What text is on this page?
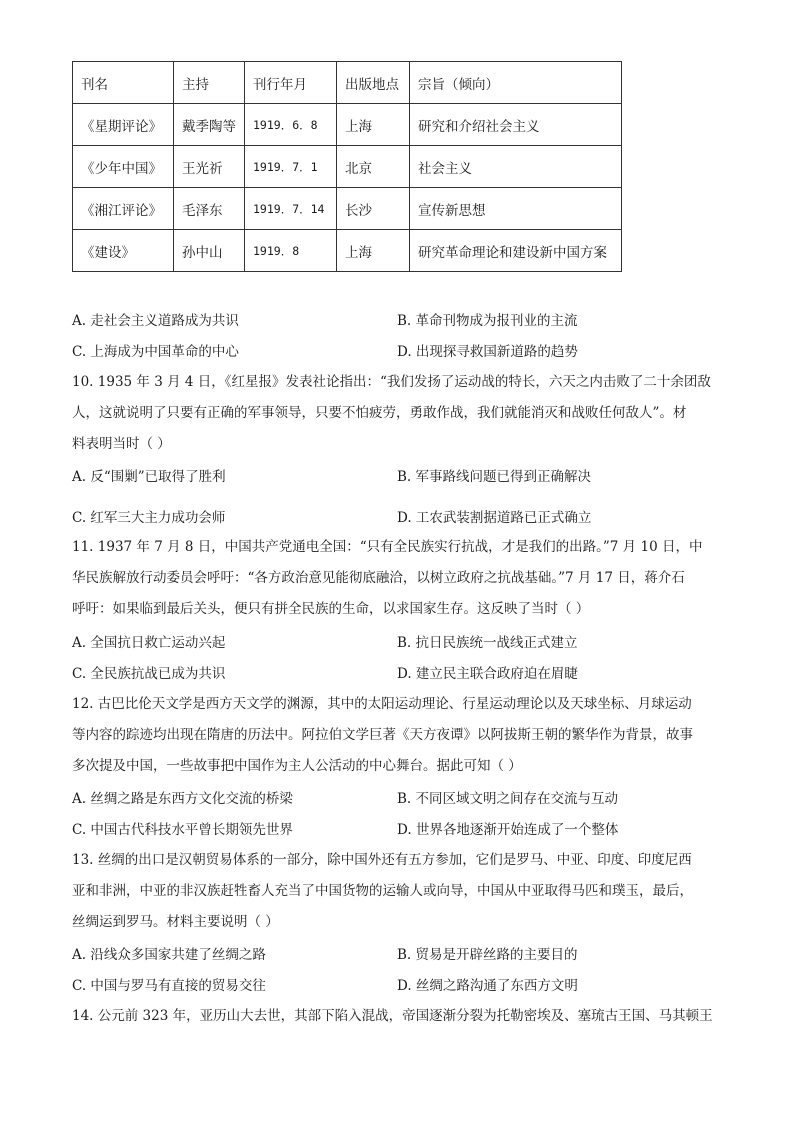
刊名	主持	刊行年月	出版地点	宗旨（倾向）
《星期评论》	戴季陶等	1919．6．8	上海	研究和介绍社会主义
《少年中国》	王光祈	1919．7．1	北京	社会主义
《湘江评论》	毛泽东	1919．7．14	长沙	宣传新思想
《建设》	孙中山	1919．8	上海	研究革命理论和建设新中国方案
A. 走社会主义道路成为共识	B. 革命刊物成为报刊业的主流
C. 上海成为中国革命的中心	D. 出现探寻救国新道路的趋势
10. 1935 年 3 月 4 日，《红星报》发表社论指出：“我们发扬了运动战的特长，六天之内击败了二十余团敌
人，这就说明了只要有正确的军事领导，只要不怕疲劳，勇敢作战，我们就能消灭和战败任何敌人”。材
料表明当时（ ）
A. 反“围剿”已取得了胜利	B. 军事路线问题已得到正确解决
C. 红军三大主力成功会师	D. 工农武装割据道路已正式确立
11. 1937 年 7 月 8 日，中国共产党通电全国：“只有全民族实行抗战，才是我们的出路。”7 月 10 日，中
华民族解放行动委员会呼吁：“各方政治意见能彻底融洽，以树立政府之抗战基础。”7 月 17 日，蒋介石
呼吁：如果临到最后关头，便只有拼全民族的生命，以求国家生存。这反映了当时（ ）
A. 全国抗日救亡运动兴起	B. 抗日民族统一战线正式建立
C. 全民族抗战已成为共识	D. 建立民主联合政府迫在眉睫
12. 古巴比伦天文学是西方天文学的渊源，其中的太阳运动理论、行星运动理论以及天球坐标、月球运动
等内容的踪迹均出现在隋唐的历法中。阿拉伯文学巨著《天方夜谭》以阿拔斯王朝的繁华作为背景，故事
多次提及中国，一些故事把中国作为主人公活动的中心舞台。据此可知（ ）
A. 丝绸之路是东西方文化交流的桥梁	B. 不同区域文明之间存在交流与互动
C. 中国古代科技水平曾长期领先世界	D. 世界各地逐渐开始连成了一个整体
13. 丝绸的出口是汉朝贸易体系的一部分，除中国外还有五方参加，它们是罗马、中亚、印度、印度尼西
亚和非洲，中亚的非汉族赶牲畜人充当了中国货物的运输人或向导，中国从中亚取得马匹和璞玉，最后，
丝绸运到罗马。材料主要说明（ ）
A. 沿线众多国家共建了丝绸之路	B. 贸易是开辟丝路的主要目的
C. 中国与罗马有直接的贸易交往	D. 丝绸之路沟通了东西方文明
14. 公元前 323 年，亚历山大去世，其部下陷入混战，帝国逐渐分裂为托勒密埃及、塞琉古王国、马其顿王
